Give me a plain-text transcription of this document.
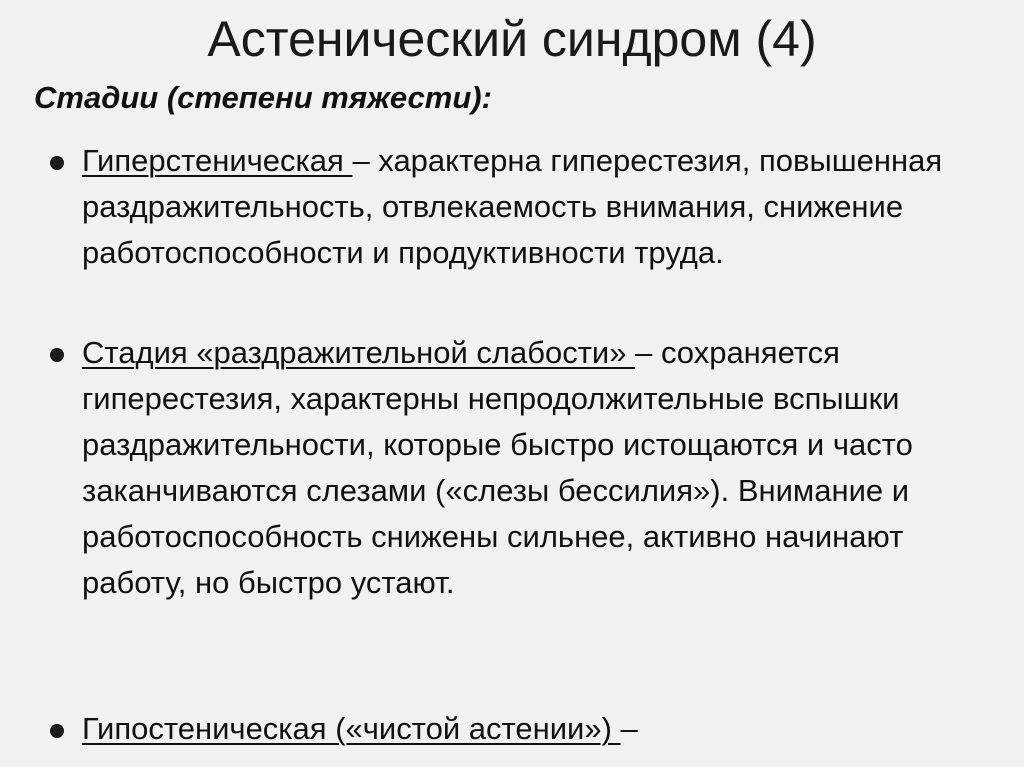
Астенический синдром (4)
Стадии (степени тяжести):
Гиперстеническая – характерна гиперестезия, повышенная раздражительность, отвлекаемость внимания, снижение работоспособности и продуктивности труда.
Стадия «раздражительной слабости» – сохраняется гиперестезия, характерны непродолжительные вспышки раздражительности, которые быстро истощаются и часто заканчиваются слезами («слезы бессилия»). Внимание и работоспособность снижены сильнее, активно начинают работу, но быстро устают.
Гипостеническая («чистой астении») –
